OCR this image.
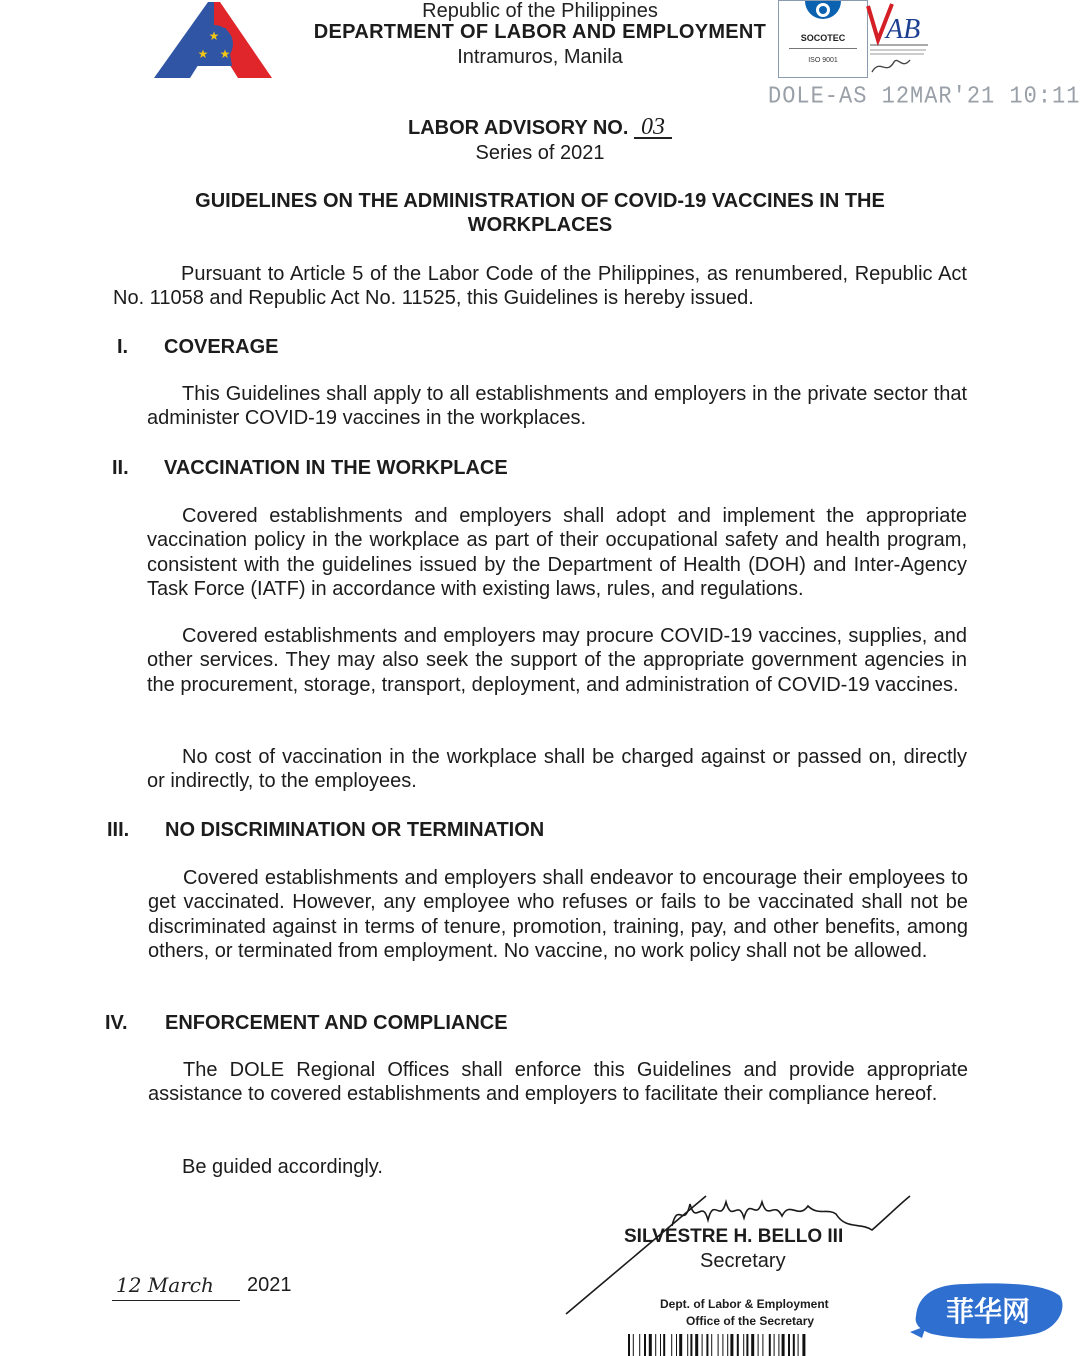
★
★ ★
Republic of the Philippines
DEPARTMENT OF LABOR AND EMPLOYMENT
Intramuros, Manila
SOCOTEC
ISO 9001
AB
DOLE-AS 12MAR'21 10:11
LABOR ADVISORY NO. 03
Series of 2021
GUIDELINES ON THE ADMINISTRATION OF COVID-19 VACCINES IN THE WORKPLACES
Pursuant to Article 5 of the Labor Code of the Philippines, as renumbered, Republic Act No. 11058 and Republic Act No. 11525, this Guidelines is hereby issued.
I. COVERAGE
This Guidelines shall apply to all establishments and employers in the private sector that administer COVID-19 vaccines in the workplaces.
II. VACCINATION IN THE WORKPLACE
Covered establishments and employers shall adopt and implement the appropriate vaccination policy in the workplace as part of their occupational safety and health program, consistent with the guidelines issued by the Department of Health (DOH) and Inter-Agency Task Force (IATF) in accordance with existing laws, rules, and regulations.
Covered establishments and employers may procure COVID-19 vaccines, supplies, and other services. They may also seek the support of the appropriate government agencies in the procurement, storage, transport, deployment, and administration of COVID-19 vaccines.
No cost of vaccination in the workplace shall be charged against or passed on, directly or indirectly, to the employees.
III. NO DISCRIMINATION OR TERMINATION
Covered establishments and employers shall endeavor to encourage their employees to get vaccinated. However, any employee who refuses or fails to be vaccinated shall not be discriminated against in terms of tenure, promotion, training, pay, and other benefits, among others, or terminated from employment. No vaccine, no work policy shall not be allowed.
IV. ENFORCEMENT AND COMPLIANCE
The DOLE Regional Offices shall enforce this Guidelines and provide appropriate assistance to covered establishments and employers to facilitate their compliance hereof.
Be guided accordingly.
12 March 2021
SILVESTRE H. BELLO III
Secretary
Dept. of Labor & Employment
Office of the Secretary	菲华网
